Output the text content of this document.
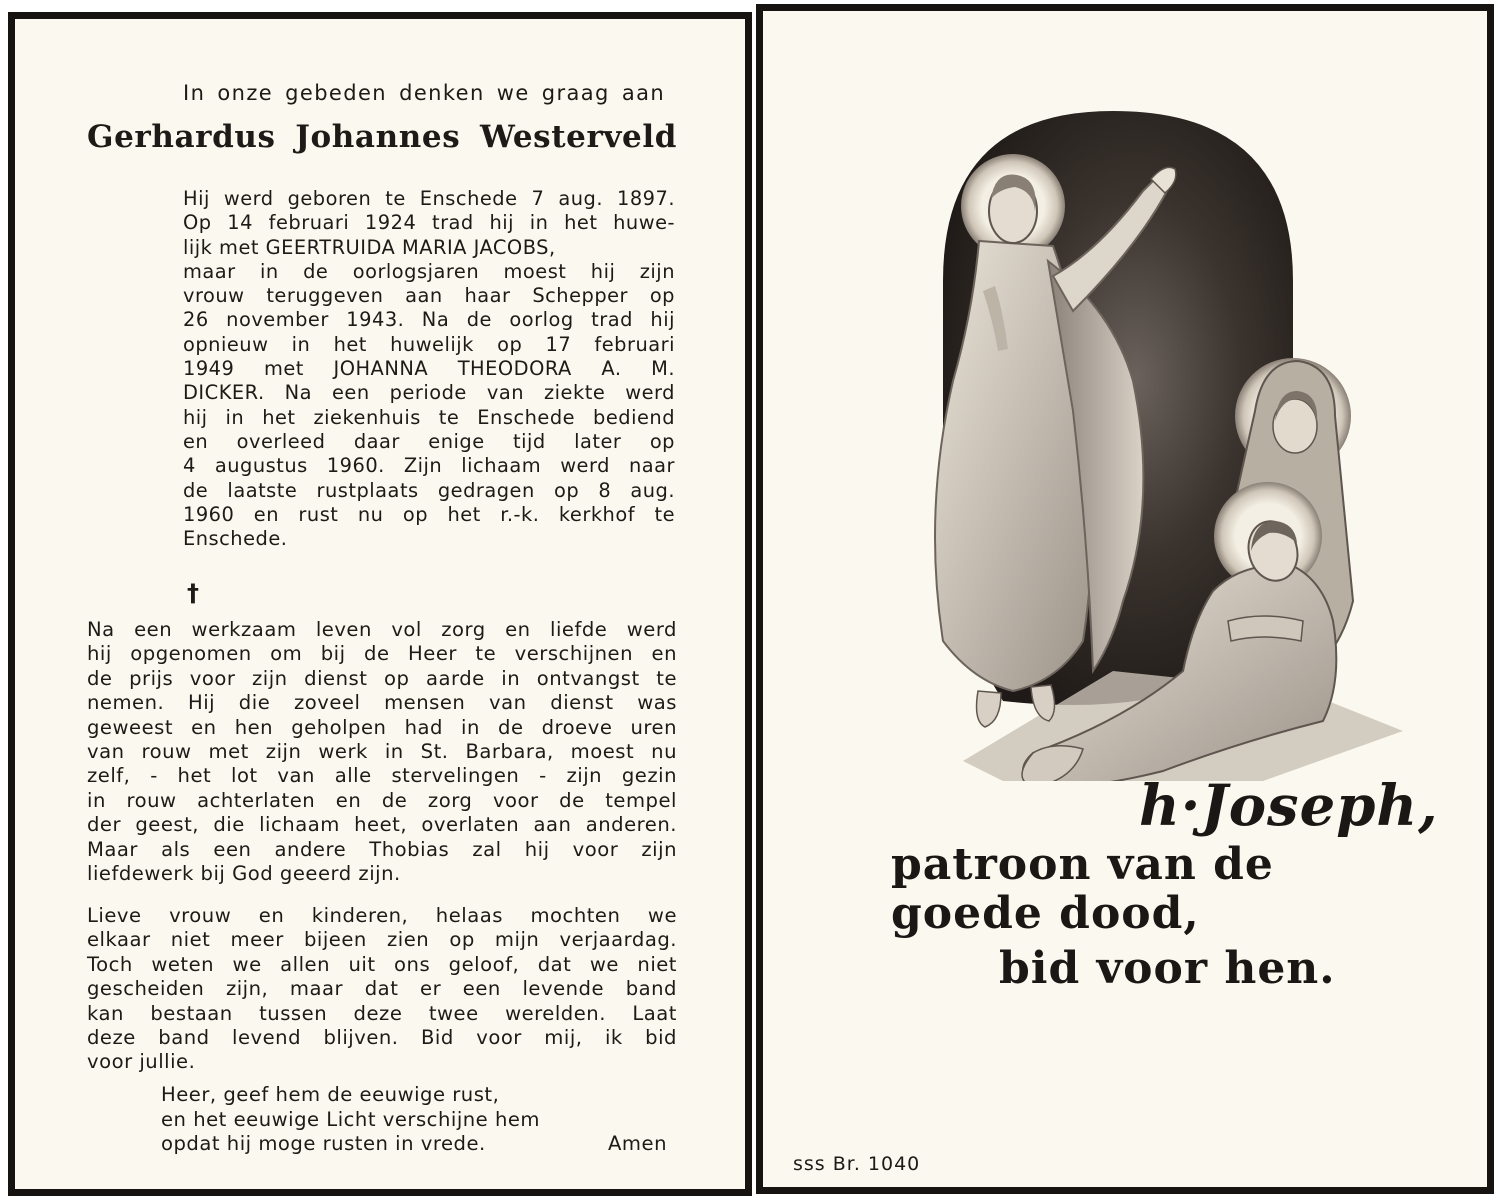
In onze gebeden denken we graag aan
Gerhardus Johannes Westerveld
Hij werd geboren te Enschede 7 aug. 1897.
Op 14 februari 1924 trad hij in het huwe-
lijk met GEERTRUIDA MARIA JACOBS,
maar in de oorlogsjaren moest hij zijn
vrouw teruggeven aan haar Schepper op
26 november 1943. Na de oorlog trad hij
opnieuw in het huwelijk op 17 februari
1949 met JOHANNA THEODORA A. M.
DICKER. Na een periode van ziekte werd
hij in het ziekenhuis te Enschede bediend
en overleed daar enige tijd later op
4 augustus 1960. Zijn lichaam werd naar
de laatste rustplaats gedragen op 8 aug.
1960 en rust nu op het r.-k. kerkhof te
Enschede.
†
Na een werkzaam leven vol zorg en liefde werd
hij opgenomen om bij de Heer te verschijnen en
de prijs voor zijn dienst op aarde in ontvangst te
nemen. Hij die zoveel mensen van dienst was
geweest en hen geholpen had in de droeve uren
van rouw met zijn werk in St. Barbara, moest nu
zelf, - het lot van alle stervelingen - zijn gezin
in rouw achterlaten en de zorg voor de tempel
der geest, die lichaam heet, overlaten aan anderen.
Maar als een andere Thobias zal hij voor zijn
liefdewerk bij God geeerd zijn.
Lieve vrouw en kinderen, helaas mochten we
elkaar niet meer bijeen zien op mijn verjaardag.
Toch weten we allen uit ons geloof, dat we niet
gescheiden zijn, maar dat er een levende band
kan bestaan tussen deze twee werelden. Laat
deze band levend blijven. Bid voor mij, ik bid
voor jullie.
Heer, geef hem de eeuwige rust,
en het eeuwige Licht verschijne hem
opdat hij moge rusten in vrede.	Amen
h·Joseph,
patroon van de
goede dood,
bid voor hen.
sss Br. 1040
